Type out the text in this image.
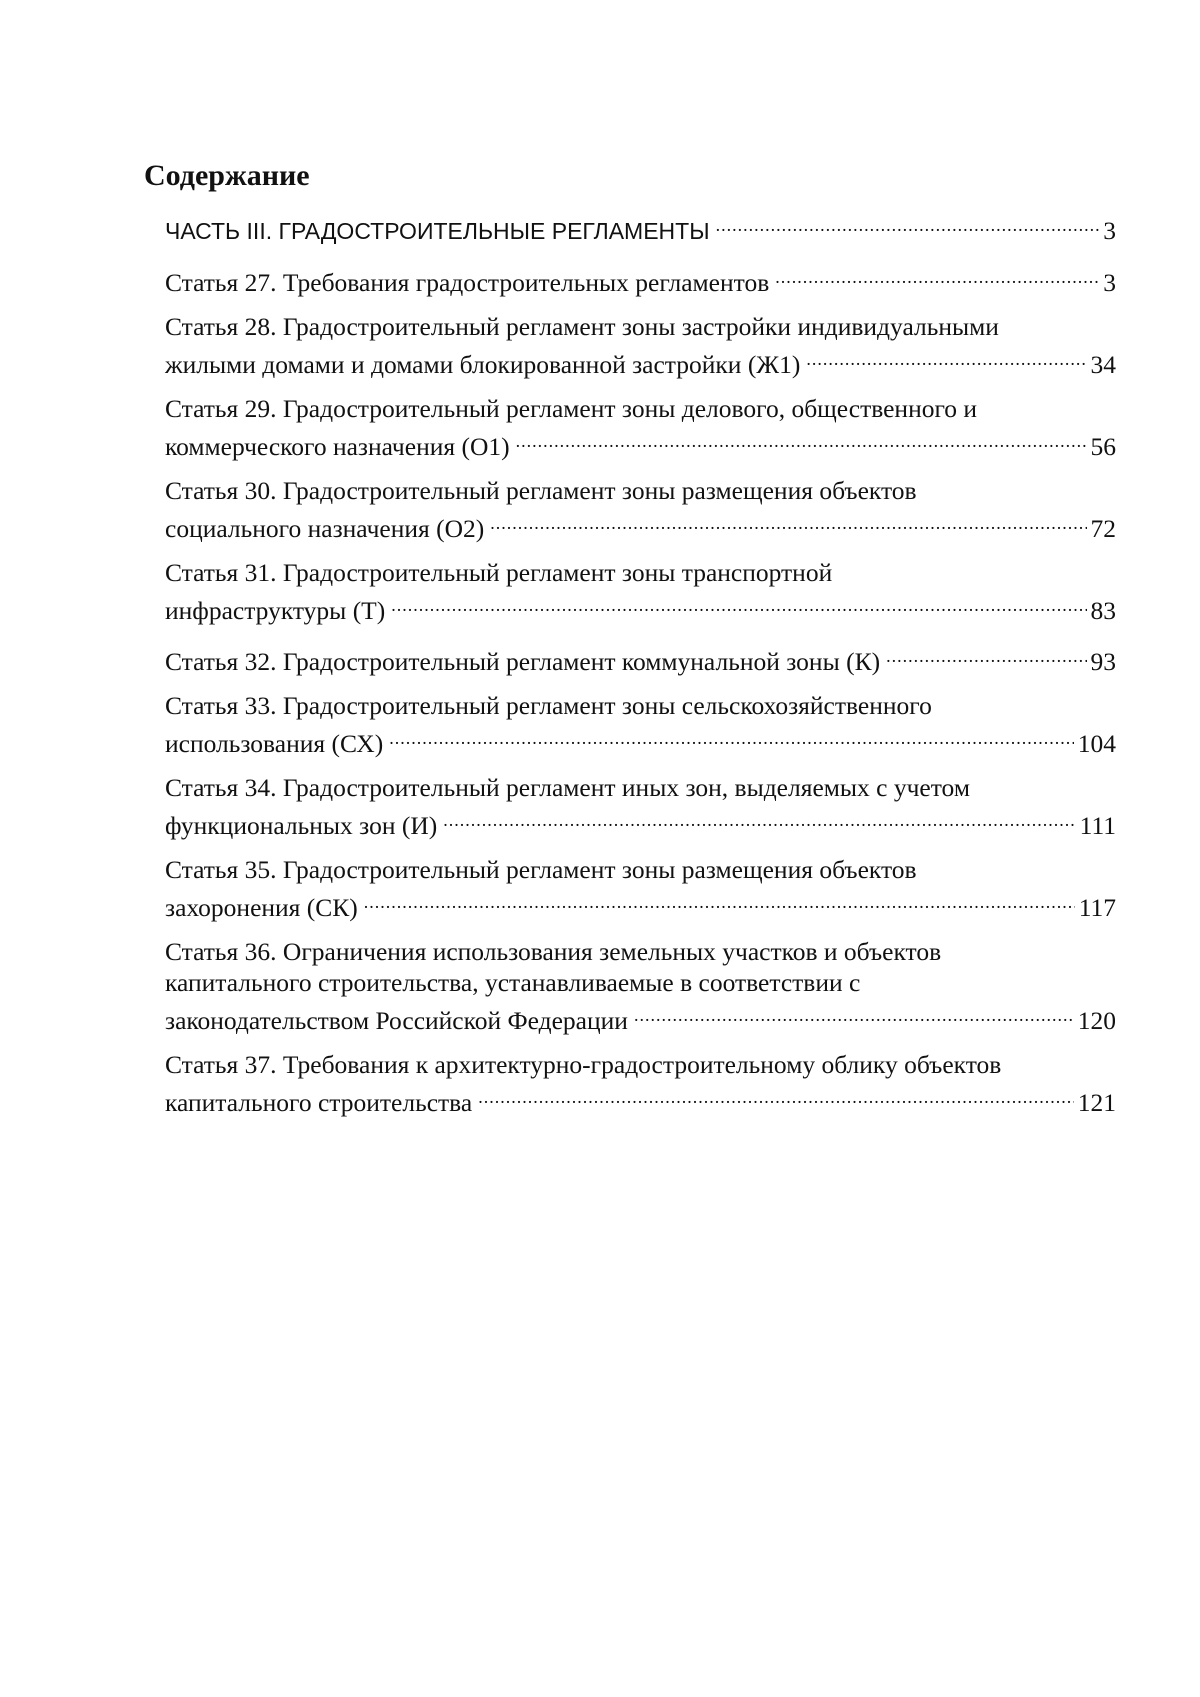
Содержание
ЧАСТЬ III. ГРАДОСТРОИТЕЛЬНЫЕ РЕГЛАМЕНТЫ .....	3
Статья 27. Требования градостроительных регламентов .....	3
Статья 28. Градостроительный регламент зоны застройки индивидуальными
жилыми домами и домами блокированной застройки (Ж1) .....	34
Статья 29. Градостроительный регламент зоны делового, общественного и
коммерческого назначения (О1) .....	56
Статья 30. Градостроительный регламент зоны размещения объектов
социального назначения (О2) .....	72
Статья 31. Градостроительный регламент зоны транспортной
инфраструктуры (Т) .....	83
Статья 32. Градостроительный регламент коммунальной зоны (К) .....	93
Статья 33. Градостроительный регламент зоны сельскохозяйственного
использования (СХ) .....	104
Статья 34. Градостроительный регламент иных зон, выделяемых с учетом
функциональных зон (И) .....	111
Статья 35. Градостроительный регламент зоны размещения объектов
захоронения (СК) .....	117
Статья 36. Ограничения использования земельных участков и объектов
капитального строительства, устанавливаемые в соответствии с
законодательством Российской Федерации .....	120
Статья 37. Требования к архитектурно-градостроительному облику объектов
капитального строительства .....	121
